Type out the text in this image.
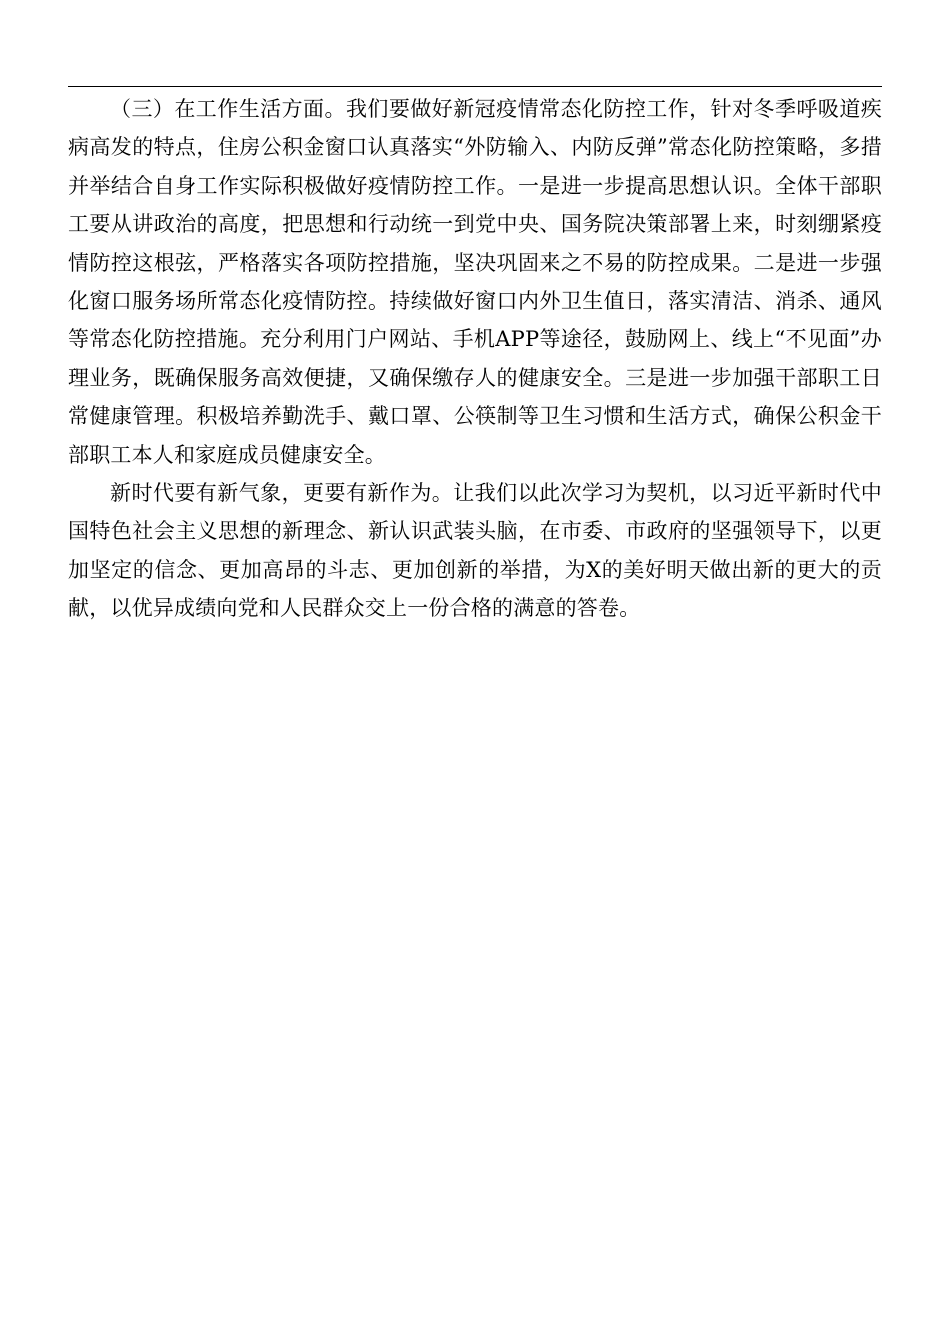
（三）在工作生活方面。我们要做好新冠疫情常态化防控工作，针对冬季呼吸道疾病高发的特点，住房公积金窗口认真落实“外防输入、内防反弹”常态化防控策略，多措并举结合自身工作实际积极做好疫情防控工作。一是进一步提高思想认识。全体干部职工要从讲政治的高度，把思想和行动统一到党中央、国务院决策部署上来，时刻绷紧疫情防控这根弦，严格落实各项防控措施，坚决巩固来之不易的防控成果。二是进一步强化窗口服务场所常态化疫情防控。持续做好窗口内外卫生值日，落实清洁、消杀、通风等常态化防控措施。充分利用门户网站、手机APP等途径，鼓励网上、线上“不见面”办理业务，既确保服务高效便捷，又确保缴存人的健康安全。三是进一步加强干部职工日常健康管理。积极培养勤洗手、戴口罩、公筷制等卫生习惯和生活方式，确保公积金干部职工本人和家庭成员健康安全。

新时代要有新气象，更要有新作为。让我们以此次学习为契机，以习近平新时代中国特色社会主义思想的新理念、新认识武装头脑，在市委、市政府的坚强领导下，以更加坚定的信念、更加高昂的斗志、更加创新的举措，为X的美好明天做出新的更大的贡献，以优异成绩向党和人民群众交上一份合格的满意的答卷。
